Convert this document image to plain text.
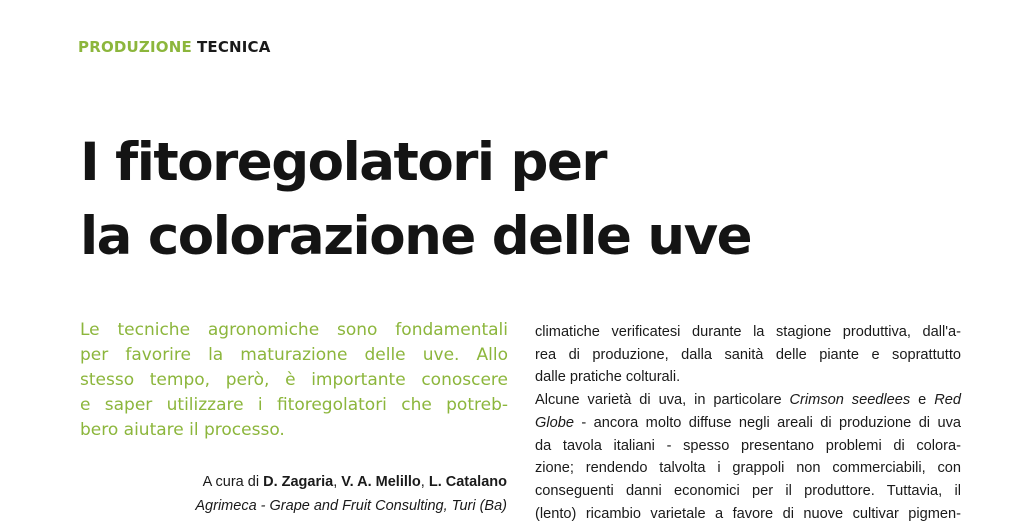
PRODUZIONE TECNICA
I fitoregolatori per
la colorazione delle uve
Le tecniche agronomiche sono fondamentali
per favorire la maturazione delle uve. Allo
stesso tempo, però, è importante conoscere
e saper utilizzare i fitoregolatori che potreb-
bero aiutare il processo.
A cura di D. Zagaria, V. A. Melillo, L. Catalano
Agrimeca - Grape and Fruit Consulting, Turi (Ba)
climatiche verificatesi durante la stagione produttiva, dall'a-
rea di produzione, dalla sanità delle piante e soprattutto
dalle pratiche colturali.
Alcune varietà di uva, in particolare Crimson seedlees e Red
Globe - ancora molto diffuse negli areali di produzione di uva
da tavola italiani - spesso presentano problemi di colora-
zione; rendendo talvolta i grappoli non commerciabili, con
conseguenti danni economici per il produttore. Tuttavia, il
(lento) ricambio varietale a favore di nuove cultivar pigmen-
